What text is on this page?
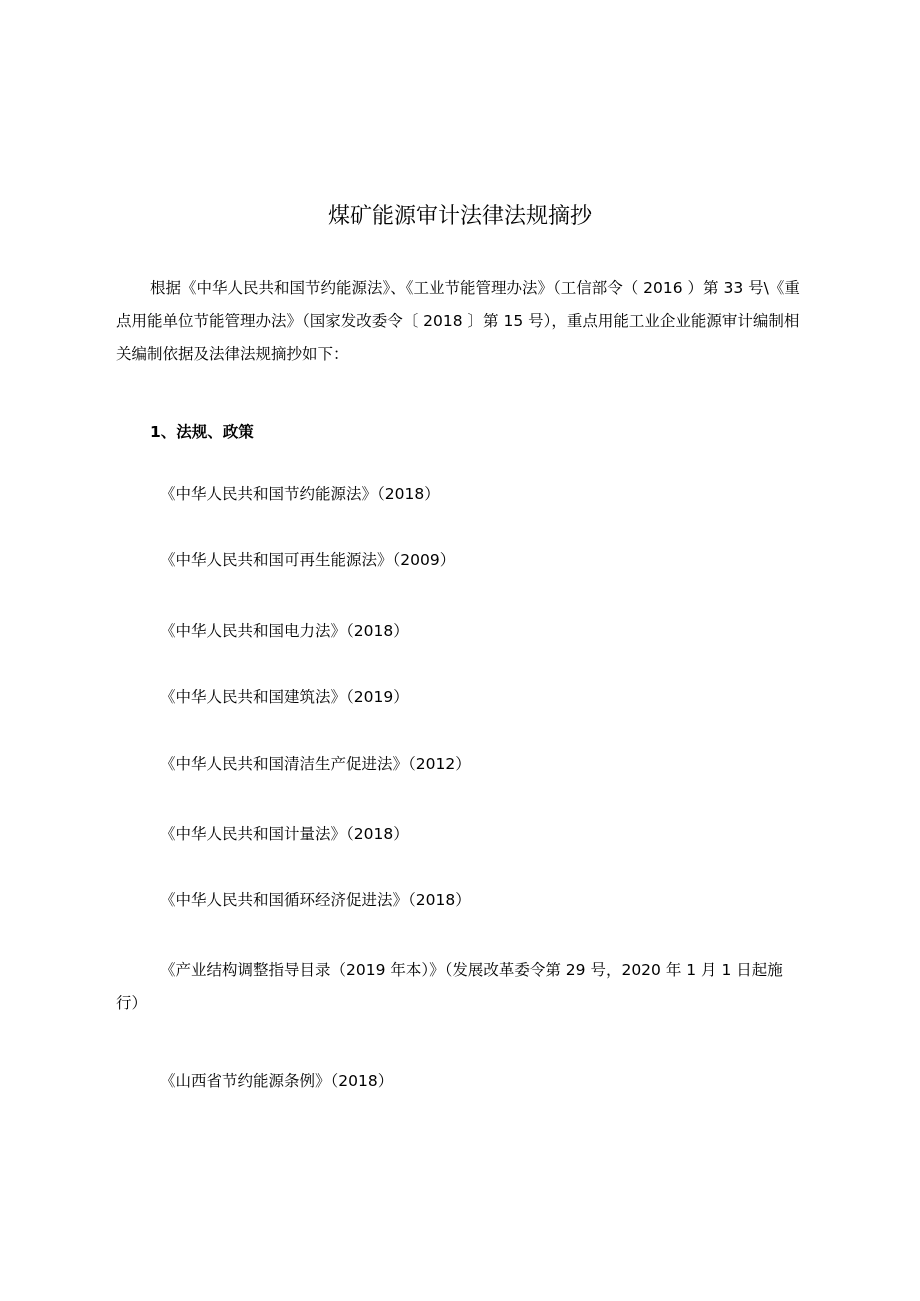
煤矿能源审计法律法规摘抄

根据《中华人民共和国节约能源法》、《工业节能管理办法》（工信部令（ 2016 ）第 33 号\《重点用能单位节能管理办法》（国家发改委令〔 2018 〕第 15 号），重点用能工业企业能源审计编制相关编制依据及法律法规摘抄如下：

1、法规、政策
《中华人民共和国节约能源法》（2018）
《中华人民共和国可再生能源法》（2009）
《中华人民共和国电力法》（2018）
《中华人民共和国建筑法》（2019）
《中华人民共和国清洁生产促进法》（2012）
《中华人民共和国计量法》（2018）
《中华人民共和国循环经济促进法》（2018）

《产业结构调整指导目录（2019 年本）》（发展改革委令第 29 号，2020 年 1 月 1 日起施行）

《山西省节约能源条例》（2018）
